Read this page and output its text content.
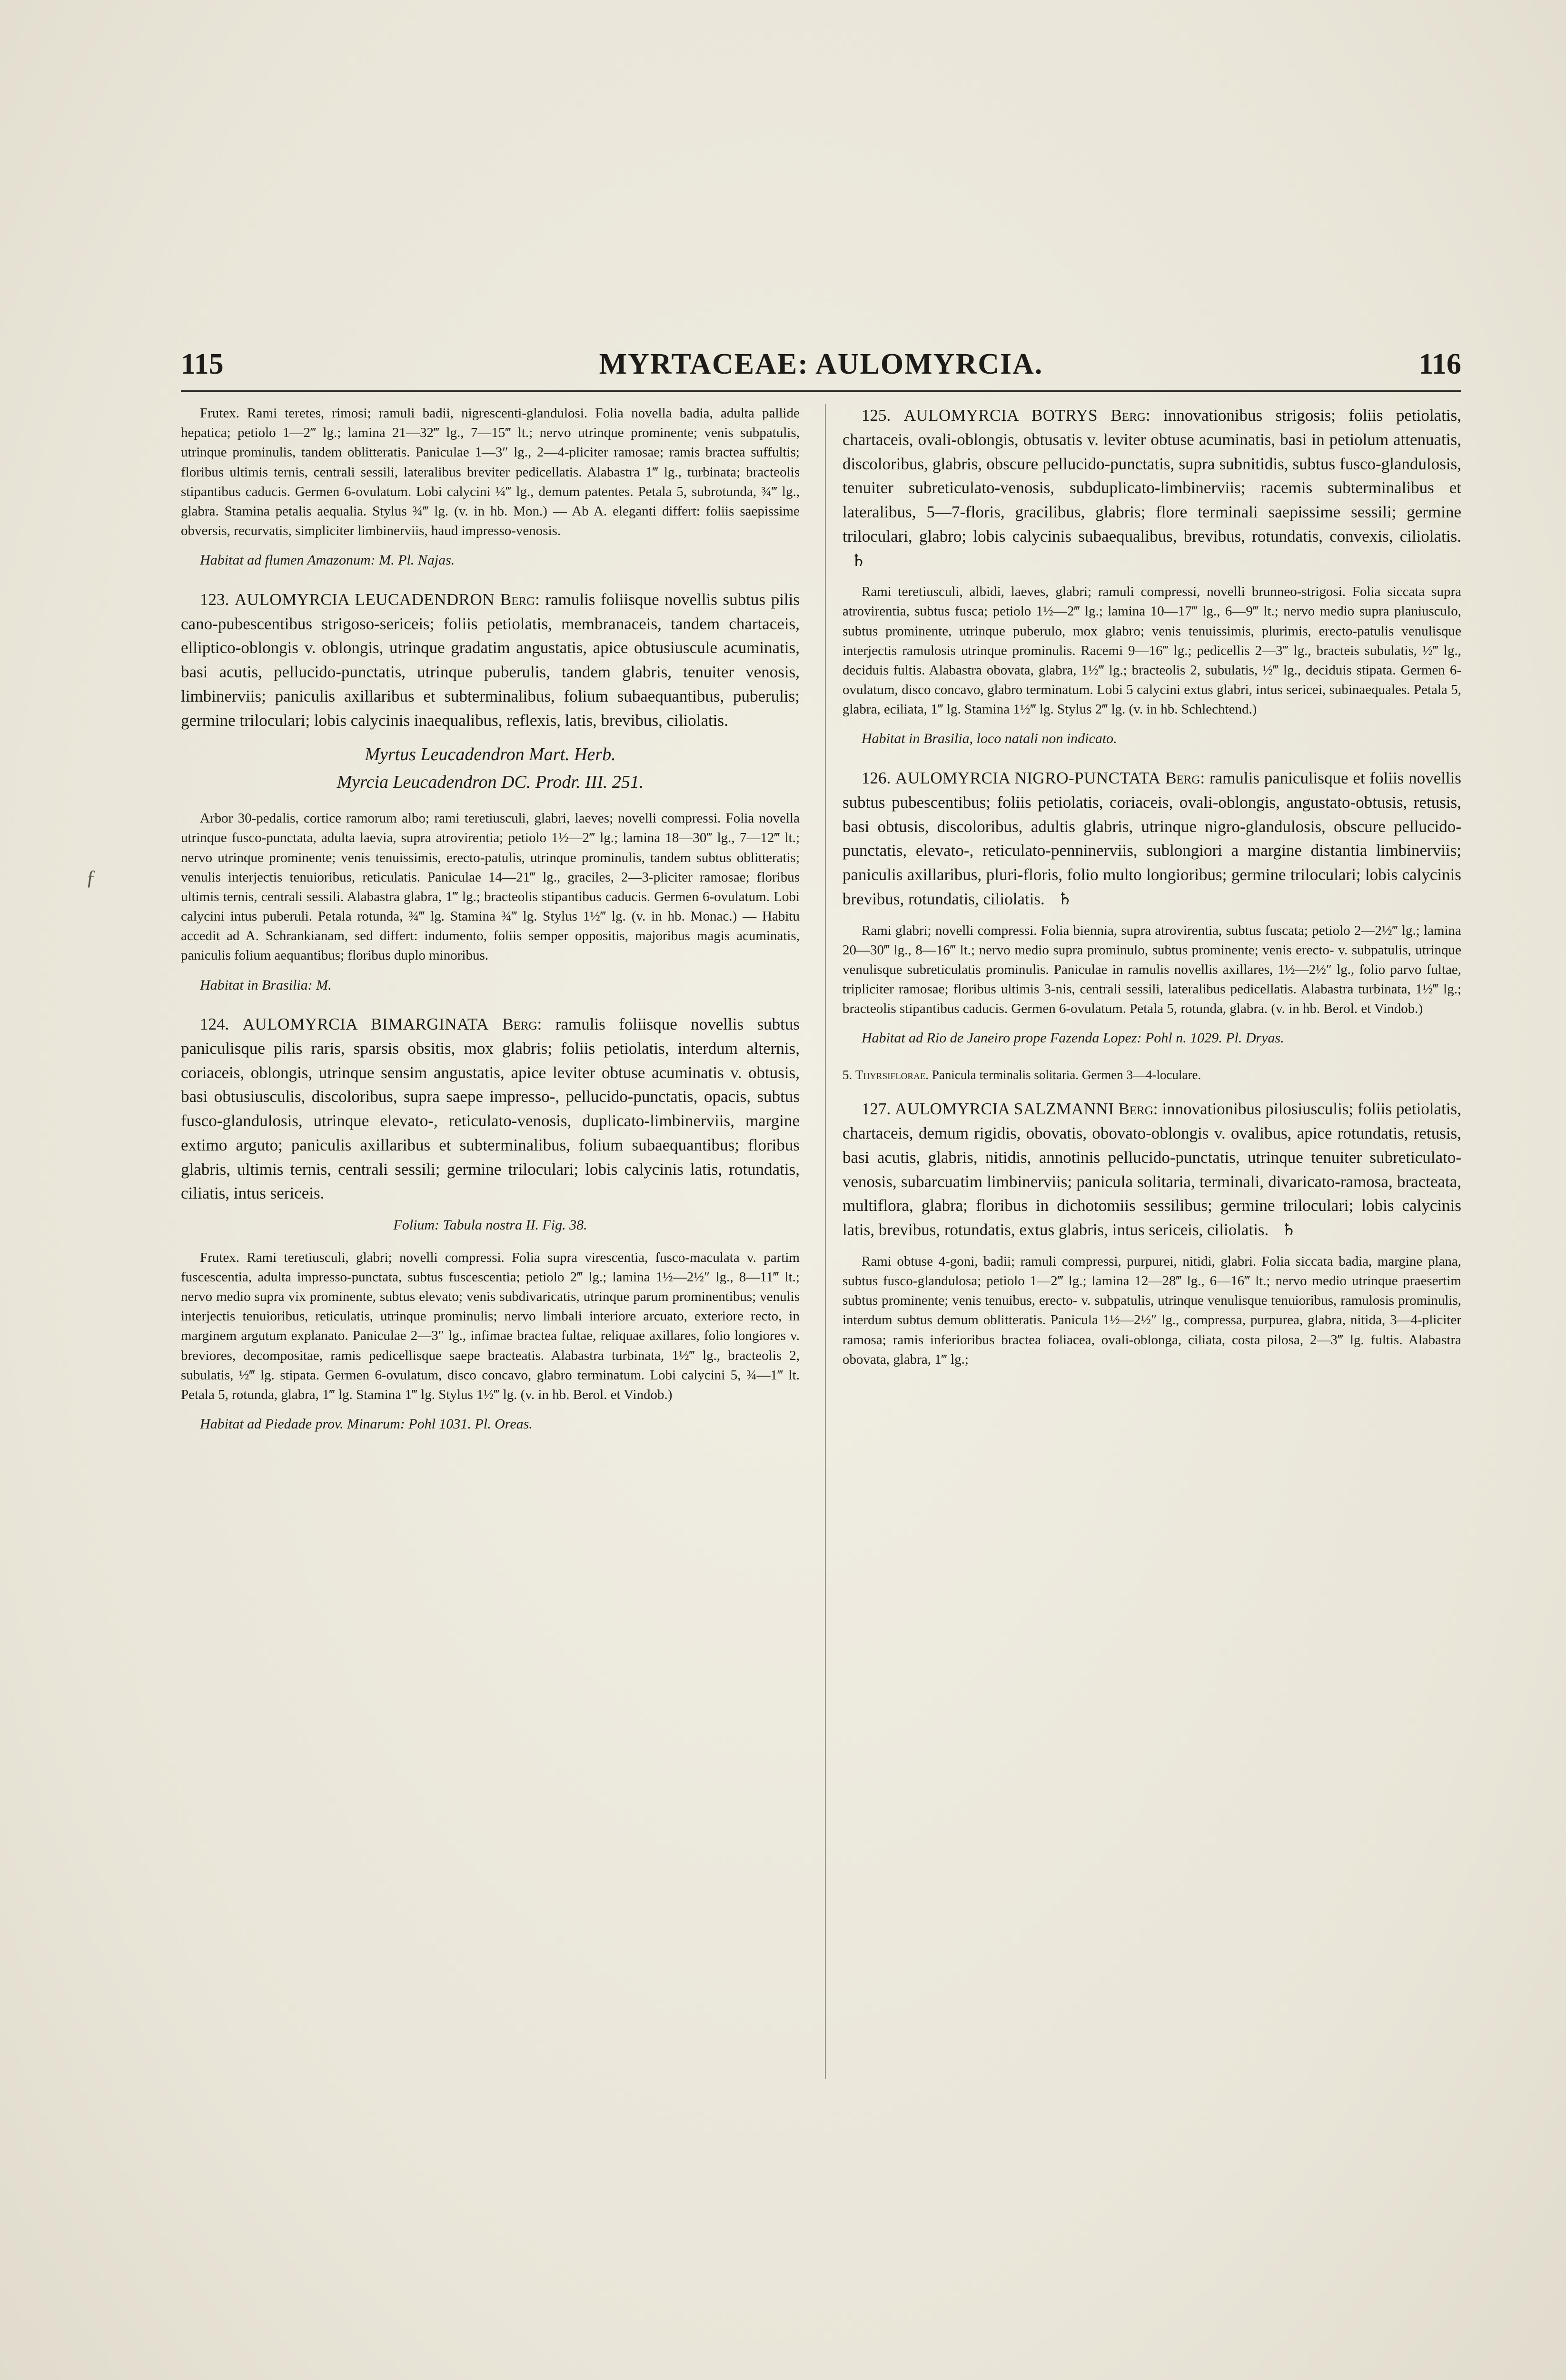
115	MYRTACEAE: AULOMYRCIA.	116

Frutex. Rami teretes, rimosi; ramuli badii, nigrescenti-glandulosi. Folia novella badia, adulta pallide hepatica; petiolo 1—2‴ lg.; lamina 21—32‴ lg., 7—15‴ lt.; nervo utrinque prominente; venis subpatulis, utrinque prominulis, tandem oblitteratis. Paniculae 1—3″ lg., 2—4-pliciter ramosae; ramis bractea suffultis; floribus ultimis ternis, centrali sessili, lateralibus breviter pedicellatis. Alabastra 1‴ lg., turbinata; bracteolis stipantibus caducis. Germen 6-ovulatum. Lobi calycini ¼‴ lg., demum patentes. Petala 5, subrotunda, ¾‴ lg., glabra. Stamina petalis aequalia. Stylus ¾‴ lg. (v. in hb. Mon.) — Ab A. eleganti differt: foliis saepissime obversis, recurvatis, simpliciter limbinerviis, haud impresso-venosis.

Habitat ad flumen Amazonum: M. Pl. Najas.

123. AULOMYRCIA LEUCADENDRON Berg: ramulis foliisque novellis subtus pilis cano-pubescentibus strigoso-sericeis; foliis petiolatis, membranaceis, tandem chartaceis, elliptico-oblongis v. oblongis, utrinque gradatim angustatis, apice obtusiuscule acuminatis, basi acutis, pellucido-punctatis, utrinque puberulis, tandem glabris, tenuiter venosis, limbinerviis; paniculis axillaribus et subterminalibus, folium subaequantibus, puberulis; germine triloculari; lobis calycinis inaequalibus, reflexis, latis, brevibus, ciliolatis.

Myrtus Leucadendron Mart. Herb.

Myrcia Leucadendron DC. Prodr. III. 251.

Arbor 30-pedalis, cortice ramorum albo; rami teretiusculi, glabri, laeves; novelli compressi. Folia novella utrinque fusco-punctata, adulta laevia, supra atrovirentia; petiolo 1½—2‴ lg.; lamina 18—30‴ lg., 7—12‴ lt.; nervo utrinque prominente; venis tenuissimis, erecto-patulis, utrinque prominulis, tandem subtus oblitteratis; venulis interjectis tenuioribus, reticulatis. Paniculae 14—21‴ lg., graciles, 2—3-pliciter ramosae; floribus ultimis ternis, centrali sessili. Alabastra glabra, 1‴ lg.; bracteolis stipantibus caducis. Germen 6-ovulatum. Lobi calycini intus puberuli. Petala rotunda, ¾‴ lg. Stamina ¾‴ lg. Stylus 1½‴ lg. (v. in hb. Monac.) — Habitu accedit ad A. Schrankianam, sed differt: indumento, foliis semper oppositis, majoribus magis acuminatis, paniculis folium aequantibus; floribus duplo minoribus.

Habitat in Brasilia: M.

124. AULOMYRCIA BIMARGINATA Berg: ramulis foliisque novellis subtus paniculisque pilis raris, sparsis obsitis, mox glabris; foliis petiolatis, interdum alternis, coriaceis, oblongis, utrinque sensim angustatis, apice leviter obtuse acuminatis v. obtusis, basi obtusiusculis, discoloribus, supra saepe impresso-, pellucido-punctatis, opacis, subtus fusco-glandulosis, utrinque elevato-, reticulato-venosis, duplicato-limbinerviis, margine extimo arguto; paniculis axillaribus et subterminalibus, folium subaequantibus; floribus glabris, ultimis ternis, centrali sessili; germine triloculari; lobis calycinis latis, rotundatis, ciliatis, intus sericeis.

Folium: Tabula nostra II. Fig. 38.

Frutex. Rami teretiusculi, glabri; novelli compressi. Folia supra virescentia, fusco-maculata v. partim fuscescentia, adulta impresso-punctata, subtus fuscescentia; petiolo 2‴ lg.; lamina 1½—2½″ lg., 8—11‴ lt.; nervo medio supra vix prominente, subtus elevato; venis subdivaricatis, utrinque parum prominentibus; venulis interjectis tenuioribus, reticulatis, utrinque prominulis; nervo limbali interiore arcuato, exteriore recto, in marginem argutum explanato. Paniculae 2—3″ lg., infimae bractea fultae, reliquae axillares, folio longiores v. breviores, decompositae, ramis pedicellisque saepe bracteatis. Alabastra turbinata, 1½‴ lg., bracteolis 2, subulatis, ½‴ lg. stipata. Germen 6-ovulatum, disco concavo, glabro terminatum. Lobi calycini 5, ¾—1‴ lt. Petala 5, rotunda, glabra, 1‴ lg. Stamina 1‴ lg. Stylus 1½‴ lg. (v. in hb. Berol. et Vindob.)

Habitat ad Piedade prov. Minarum: Pohl 1031. Pl. Oreas.

125. AULOMYRCIA BOTRYS Berg: innovationibus strigosis; foliis petiolatis, chartaceis, ovali-oblongis, obtusatis v. leviter obtuse acuminatis, basi in petiolum attenuatis, discoloribus, glabris, obscure pellucido-punctatis, supra subnitidis, subtus fusco-glandulosis, tenuiter subreticulato-venosis, subduplicato-limbinerviis; racemis subterminalibus et lateralibus, 5—7-floris, gracilibus, glabris; flore terminali saepissime sessili; germine triloculari, glabro; lobis calycinis subaequalibus, brevibus, rotundatis, convexis, ciliolatis. ♄

Rami teretiusculi, albidi, laeves, glabri; ramuli compressi, novelli brunneo-strigosi. Folia siccata supra atrovirentia, subtus fusca; petiolo 1½—2‴ lg.; lamina 10—17‴ lg., 6—9‴ lt.; nervo medio supra planiusculo, subtus prominente, utrinque puberulo, mox glabro; venis tenuissimis, plurimis, erecto-patulis venulisque interjectis ramulosis utrinque prominulis. Racemi 9—16‴ lg.; pedicellis 2—3‴ lg., bracteis subulatis, ½‴ lg., deciduis fultis. Alabastra obovata, glabra, 1½‴ lg.; bracteolis 2, subulatis, ½‴ lg., deciduis stipata. Germen 6-ovulatum, disco concavo, glabro terminatum. Lobi 5 calycini extus glabri, intus sericei, subinaequales. Petala 5, glabra, eciliata, 1‴ lg. Stamina 1½‴ lg. Stylus 2‴ lg. (v. in hb. Schlechtend.)

Habitat in Brasilia, loco natali non indicato.

126. AULOMYRCIA NIGRO-PUNCTATA Berg: ramulis paniculisque et foliis novellis subtus pubescentibus; foliis petiolatis, coriaceis, ovali-oblongis, angustato-obtusis, retusis, basi obtusis, discoloribus, adultis glabris, utrinque nigro-glandulosis, obscure pellucido-punctatis, elevato-, reticulato-penninerviis, sublongiori a margine distantia limbinerviis; paniculis axillaribus, pluri-floris, folio multo longioribus; germine triloculari; lobis calycinis brevibus, rotundatis, ciliolatis. ♄

Rami glabri; novelli compressi. Folia biennia, supra atrovirentia, subtus fuscata; petiolo 2—2½‴ lg.; lamina 20—30‴ lg., 8—16‴ lt.; nervo medio supra prominulo, subtus prominente; venis erecto- v. subpatulis, utrinque venulisque subreticulatis prominulis. Paniculae in ramulis novellis axillares, 1½—2½″ lg., folio parvo fultae, tripliciter ramosae; floribus ultimis 3-nis, centrali sessili, lateralibus pedicellatis. Alabastra turbinata, 1½‴ lg.; bracteolis stipantibus caducis. Germen 6-ovulatum. Petala 5, rotunda, glabra. (v. in hb. Berol. et Vindob.)

Habitat ad Rio de Janeiro prope Fazenda Lopez: Pohl n. 1029. Pl. Dryas.

5. Thyrsiflorae. Panicula terminalis solitaria. Germen 3—4-loculare.

127. AULOMYRCIA SALZMANNI Berg: innovationibus pilosiusculis; foliis petiolatis, chartaceis, demum rigidis, obovatis, obovato-oblongis v. ovalibus, apice rotundatis, retusis, basi acutis, glabris, nitidis, annotinis pellucido-punctatis, utrinque tenuiter subreticulato-venosis, subarcuatim limbinerviis; panicula solitaria, terminali, divaricato-ramosa, bracteata, multiflora, glabra; floribus in dichotomiis sessilibus; germine triloculari; lobis calycinis latis, brevibus, rotundatis, extus glabris, intus sericeis, ciliolatis. ♄

Rami obtuse 4-goni, badii; ramuli compressi, purpurei, nitidi, glabri. Folia siccata badia, margine plana, subtus fusco-glandulosa; petiolo 1—2‴ lg.; lamina 12—28‴ lg., 6—16‴ lt.; nervo medio utrinque praesertim subtus prominente; venis tenuibus, erecto- v. subpatulis, utrinque venulisque tenuioribus, ramulosis prominulis, interdum subtus demum oblitteratis. Panicula 1½—2½″ lg., compressa, purpurea, glabra, nitida, 3—4-pliciter ramosa; ramis inferioribus bractea foliacea, ovali-oblonga, ciliata, costa pilosa, 2—3‴ lg. fultis. Alabastra obovata, glabra, 1‴ lg.;

ƒ
